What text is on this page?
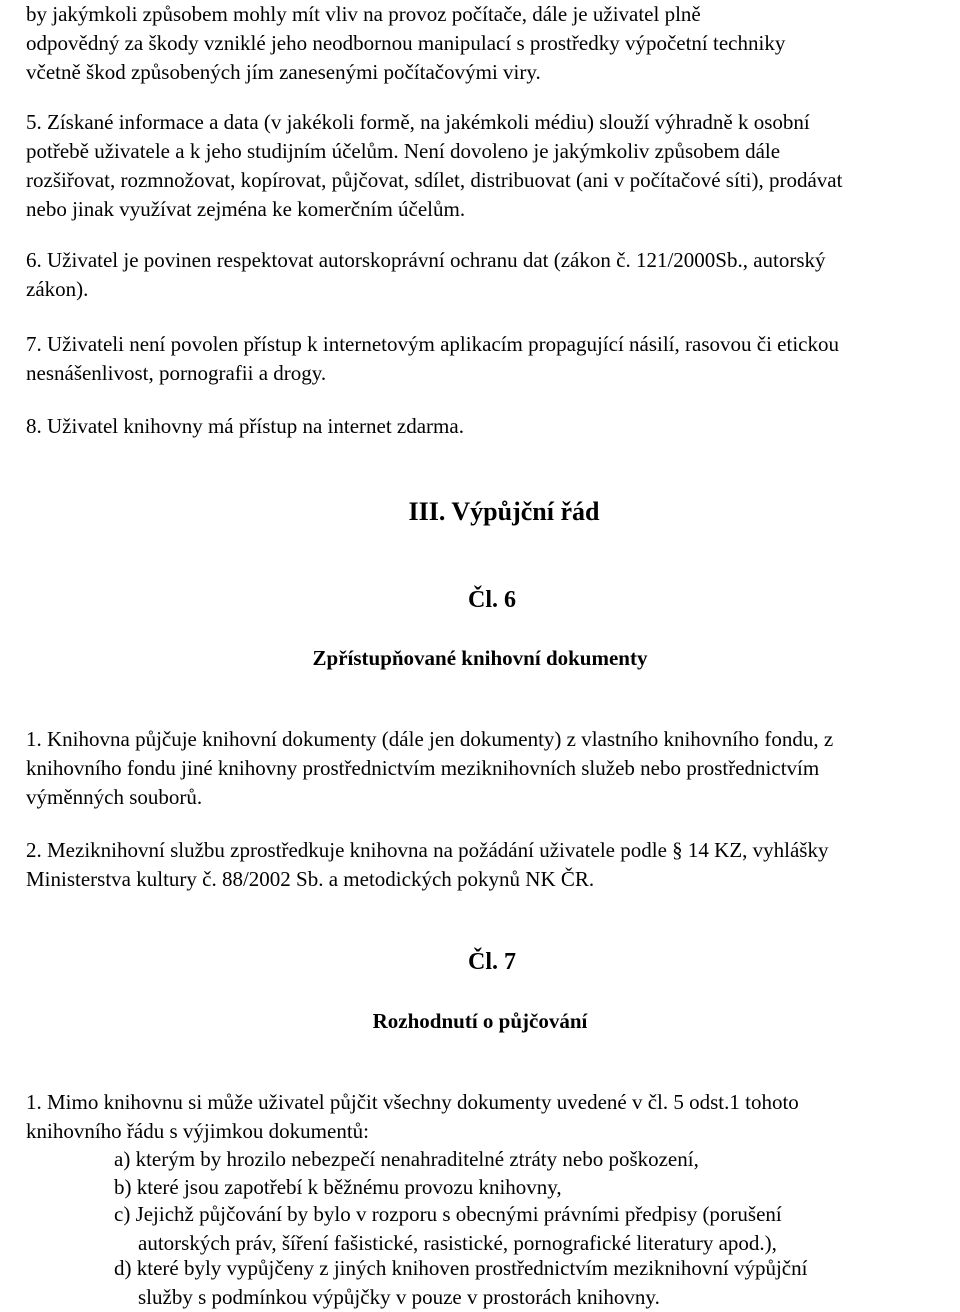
by jakýmkoli způsobem mohly mít vliv na provoz počítače, dále je uživatel plně
odpovědný za škody vzniklé jeho neodbornou manipulací s prostředky výpočetní techniky
včetně škod způsobených jím zanesenými počítačovými viry.

5. Získané informace a data (v jakékoli formě, na jakémkoli médiu) slouží výhradně k osobní
potřebě uživatele a k jeho studijním účelům. Není dovoleno je jakýmkoliv způsobem dále
rozšiřovat, rozmnožovat, kopírovat, půjčovat, sdílet, distribuovat (ani v počítačové síti), prodávat
nebo jinak využívat zejména ke komerčním účelům.

6. Uživatel je povinen respektovat autorskoprávní ochranu dat (zákon č. 121/2000Sb., autorský
zákon).

7. Uživateli není povolen přístup k internetovým aplikacím propagující násilí, rasovou či etickou
nesnášenlivost, pornografii a drogy.

8. Uživatel knihovny má přístup na internet zdarma.

III. Výpůjční řád
Čl. 6
Zpřístupňované knihovní dokumenty

1. Knihovna půjčuje knihovní dokumenty (dále jen dokumenty) z vlastního knihovního fondu, z
knihovního fondu jiné knihovny prostřednictvím meziknihovních služeb nebo prostřednictvím
výměnných souborů.

2. Meziknihovní službu zprostředkuje knihovna na požádání uživatele podle § 14 KZ, vyhlášky
Ministerstva kultury č. 88/2002 Sb. a metodických pokynů NK ČR.

Čl. 7
Rozhodnutí o půjčování

1. Mimo knihovnu si může uživatel půjčit všechny dokumenty uvedené v čl. 5 odst.1 tohoto
knihovního řádu s výjimkou dokumentů:

a) kterým by hrozilo nebezpečí nenahraditelné ztráty nebo poškození,

b) které jsou zapotřebí k běžnému provozu knihovny,

c) Jejichž půjčování by bylo v rozporu s obecnými právními předpisy (porušení
autorských práv, šíření fašistické, rasistické, pornografické literatury apod.),

d) které byly vypůjčeny z jiných knihoven prostřednictvím meziknihovní výpůjční
služby s podmínkou výpůjčky v pouze v prostorách knihovny.
